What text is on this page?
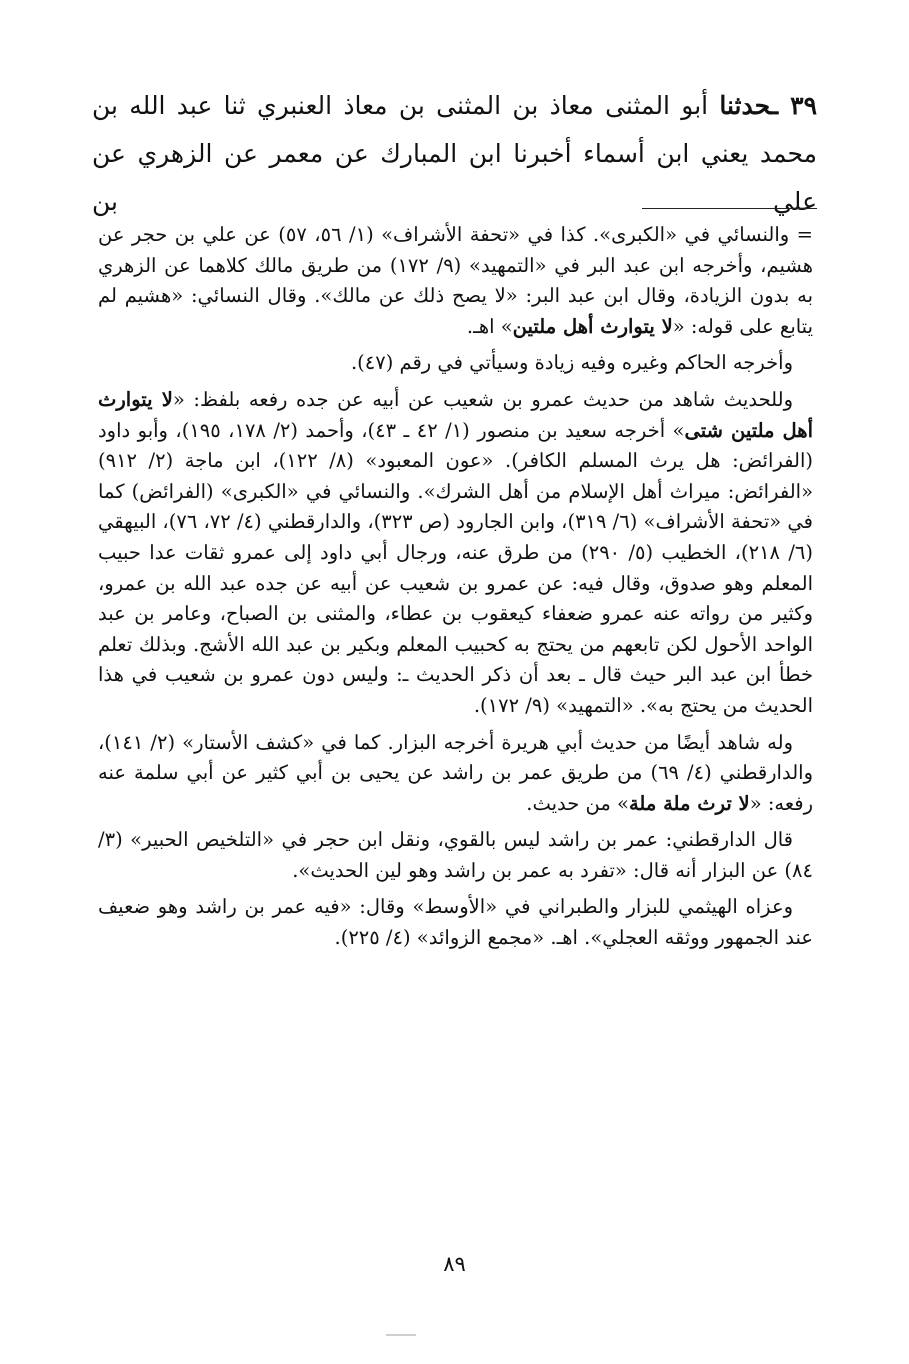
٣٩ ـحدثنا أبو المثنى معاذ بن المثنى بن معاذ العنبري ثنا عبد الله بن محمد يعني ابن أسماء أخبرنا ابن المبارك عن معمر عن الزهري عن علي بن

= والنسائي في «الكبرى». كذا في «تحفة الأشراف» (١/ ٥٦، ٥٧) عن علي بن حجر عن هشيم، وأخرجه ابن عبد البر في «التمهيد» (٩/ ١٧٢) من طريق مالك كلاهما عن الزهري به بدون الزيادة، وقال ابن عبد البر: «لا يصح ذلك عن مالك». وقال النسائي: «هشيم لم يتابع على قوله: «لا يتوارث أهل ملتين» اهـ.

وأخرجه الحاكم وغيره وفيه زيادة وسيأتي في رقم (٤٧).

وللحديث شاهد من حديث عمرو بن شعيب عن أبيه عن جده رفعه بلفظ: «لا يتوارث أهل ملتين شتى» أخرجه سعيد بن منصور (١/ ٤٢ ـ ٤٣)، وأحمد (٢/ ١٧٨، ١٩٥)، وأبو داود (الفرائض: هل يرث المسلم الكافر). «عون المعبود» (٨/ ١٢٢)، ابن ماجة (٢/ ٩١٢) «الفرائض: ميراث أهل الإسلام من أهل الشرك». والنسائي في «الكبرى» (الفرائض) كما في «تحفة الأشراف» (٦/ ٣١٩)، وابن الجارود (ص ٣٢٣)، والدارقطني (٤/ ٧٢، ٧٦)، البيهقي (٦/ ٢١٨)، الخطيب (٥/ ٢٩٠) من طرق عنه، ورجال أبي داود إلى عمرو ثقات عدا حبيب المعلم وهو صدوق، وقال فيه: عن عمرو بن شعيب عن أبيه عن جده عبد الله بن عمرو، وكثير من رواته عنه عمرو ضعفاء كيعقوب بن عطاء، والمثنى بن الصباح، وعامر بن عبد الواحد الأحول لكن تابعهم من يحتج به كحبيب المعلم وبكير بن عبد الله الأشج. وبذلك تعلم خطأ ابن عبد البر حيث قال ـ بعد أن ذكر الحديث ـ: وليس دون عمرو بن شعيب في هذا الحديث من يحتج به». «التمهيد» (٩/ ١٧٢).

وله شاهد أيضًا من حديث أبي هريرة أخرجه البزار. كما في «كشف الأستار» (٢/ ١٤١)، والدارقطني (٤/ ٦٩) من طريق عمر بن راشد عن يحيى بن أبي كثير عن أبي سلمة عنه رفعه: «لا ترث ملة ملة» من حديث.

قال الدارقطني: عمر بن راشد ليس بالقوي، ونقل ابن حجر في «التلخيص الحبير» (٣/ ٨٤) عن البزار أنه قال: «تفرد به عمر بن راشد وهو لين الحديث».

وعزاه الهيثمي للبزار والطبراني في «الأوسط» وقال: «فيه عمر بن راشد وهو ضعيف عند الجمهور ووثقه العجلي». اهـ. «مجمع الزوائد» (٤/ ٢٢٥).

٨٩
